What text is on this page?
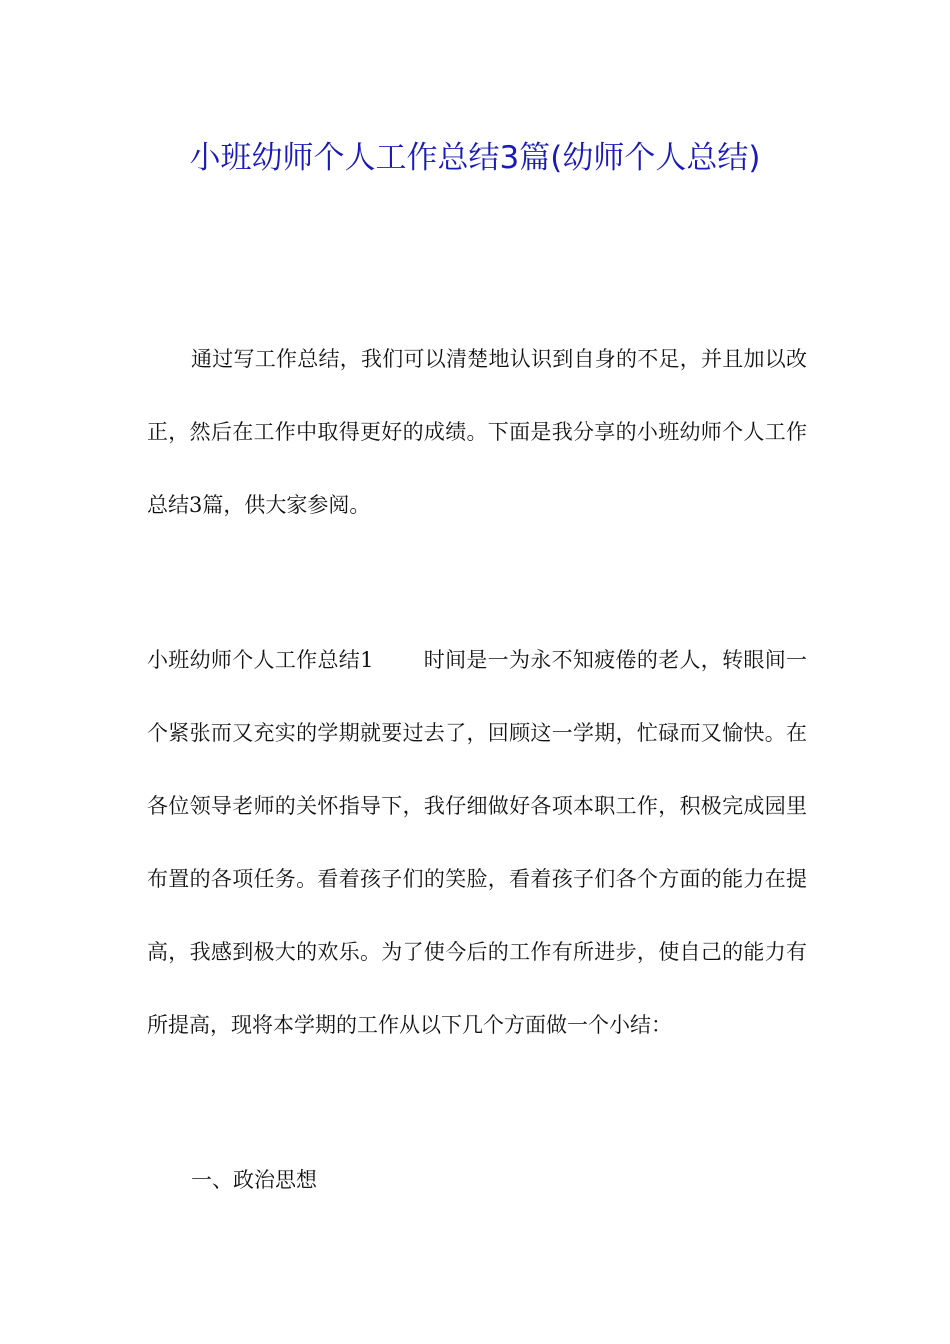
小班幼师个人工作总结3篇(幼师个人总结)

通过写工作总结，我们可以清楚地认识到自身的不足，并且加以改正，然后在工作中取得更好的成绩。下面是我分享的小班幼师个人工作总结3篇，供大家参阅。

小班幼师个人工作总结1 时间是一为永不知疲倦的老人，转眼间一个紧张而又充实的学期就要过去了，回顾这一学期，忙碌而又愉快。在各位领导老师的关怀指导下，我仔细做好各项本职工作，积极完成园里布置的各项任务。看着孩子们的笑脸，看着孩子们各个方面的能力在提高，我感到极大的欢乐。为了使今后的工作有所进步，使自己的能力有所提高，现将本学期的工作从以下几个方面做一个小结：

一、政治思想
